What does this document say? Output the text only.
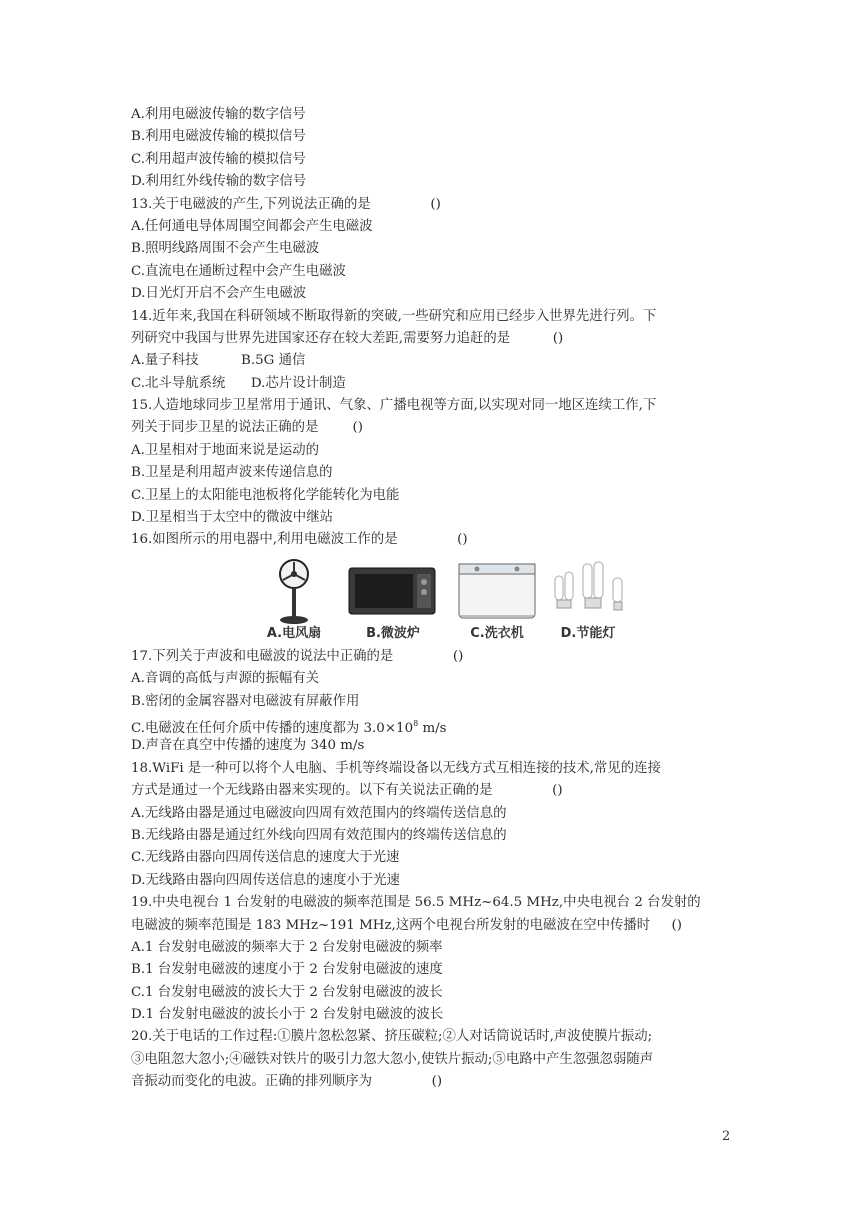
A.利用电磁波传输的数字信号
B.利用电磁波传输的模拟信号
C.利用超声波传输的模拟信号
D.利用红外线传输的数字信号
13.关于电磁波的产生,下列说法正确的是              ()
A.任何通电导体周围空间都会产生电磁波
B.照明线路周围不会产生电磁波
C.直流电在通断过程中会产生电磁波
D.日光灯开启不会产生电磁波
14.近年来,我国在科研领域不断取得新的突破,一些研究和应用已经步入世界先进行列。下
列研究中我国与世界先进国家还存在较大差距,需要努力追赶的是          ()
A.量子科技          B.5G 通信
C.北斗导航系统      D.芯片设计制造
15.人造地球同步卫星常用于通讯、气象、广播电视等方面,以实现对同一地区连续工作,下
列关于同步卫星的说法正确的是        ()
A.卫星相对于地面来说是运动的
B.卫星是利用超声波来传递信息的
C.卫星上的太阳能电池板将化学能转化为电能
D.卫星相当于太空中的微波中继站
16.如图所示的用电器中,利用电磁波工作的是              ()
A.电风扇	B.微波炉	C.洗衣机	D.节能灯
17.下列关于声波和电磁波的说法中正确的是              ()
A.音调的高低与声源的振幅有关
B.密闭的金属容器对电磁波有屏蔽作用
C.电磁波在任何介质中传播的速度都为 $3.0\times 10^8$ m/s
D.声音在真空中传播的速度为 340 m/s
18.WiFi 是一种可以将个人电脑、手机等终端设备以无线方式互相连接的技术,常见的连接
方式是通过一个无线路由器来实现的。以下有关说法正确的是              ()
A.无线路由器是通过电磁波向四周有效范围内的终端传送信息的
B.无线路由器是通过红外线向四周有效范围内的终端传送信息的
C.无线路由器向四周传送信息的速度大于光速
D.无线路由器向四周传送信息的速度小于光速
19.中央电视台 1 台发射的电磁波的频率范围是 56.5 MHz~64.5 MHz,中央电视台 2 台发射的
电磁波的频率范围是 183 MHz~191 MHz,这两个电视台所发射的电磁波在空中传播时     ()
A.1 台发射电磁波的频率大于 2 台发射电磁波的频率
B.1 台发射电磁波的速度小于 2 台发射电磁波的速度
C.1 台发射电磁波的波长大于 2 台发射电磁波的波长
D.1 台发射电磁波的波长小于 2 台发射电磁波的波长
20.关于电话的工作过程:①膜片忽松忽紧、挤压碳粒;②人对话筒说话时,声波使膜片振动;
③电阻忽大忽小;④磁铁对铁片的吸引力忽大忽小,使铁片振动;⑤电路中产生忽强忽弱随声
音振动而变化的电波。正确的排列顺序为              ()
2
